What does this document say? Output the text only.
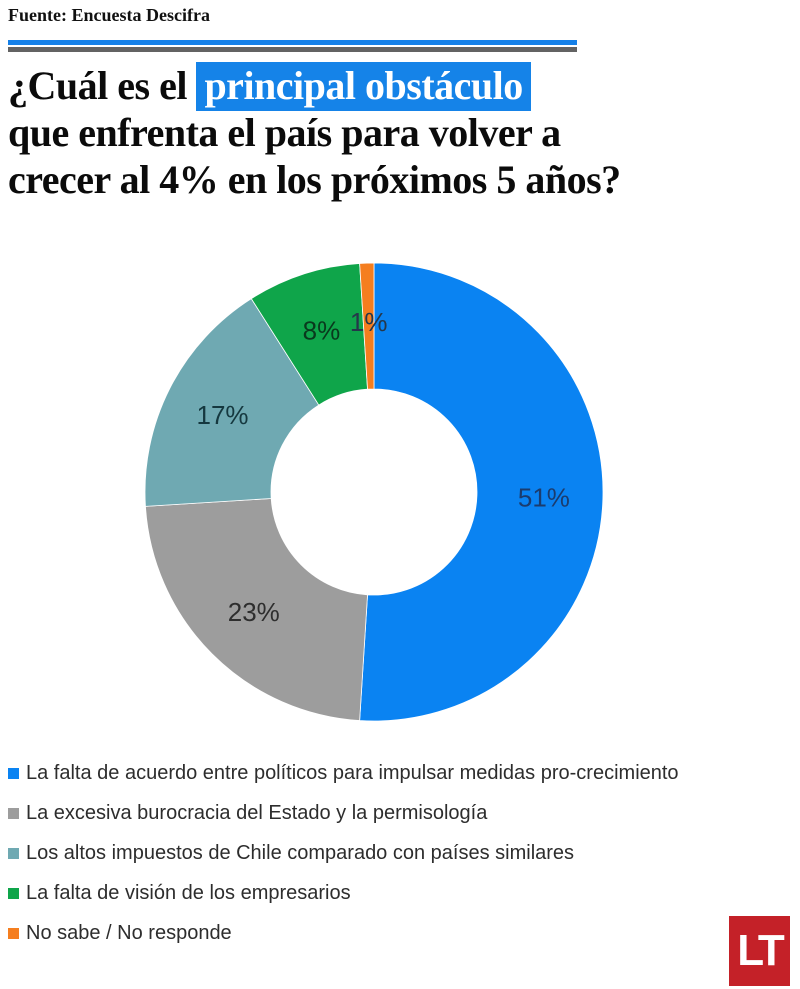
Fuente: Encuesta Descifra
¿Cuál es el principal obstáculo
que enfrenta el país para volver a
crecer al 4% en los próximos 5 años?
51%
23%
17%
8% 1%
La falta de acuerdo entre políticos para impulsar medidas pro-crecimiento
La excesiva burocracia del Estado y la permisología
Los altos impuestos de Chile comparado con países similares
La falta de visión de los empresarios
No sabe / No responde	LT
